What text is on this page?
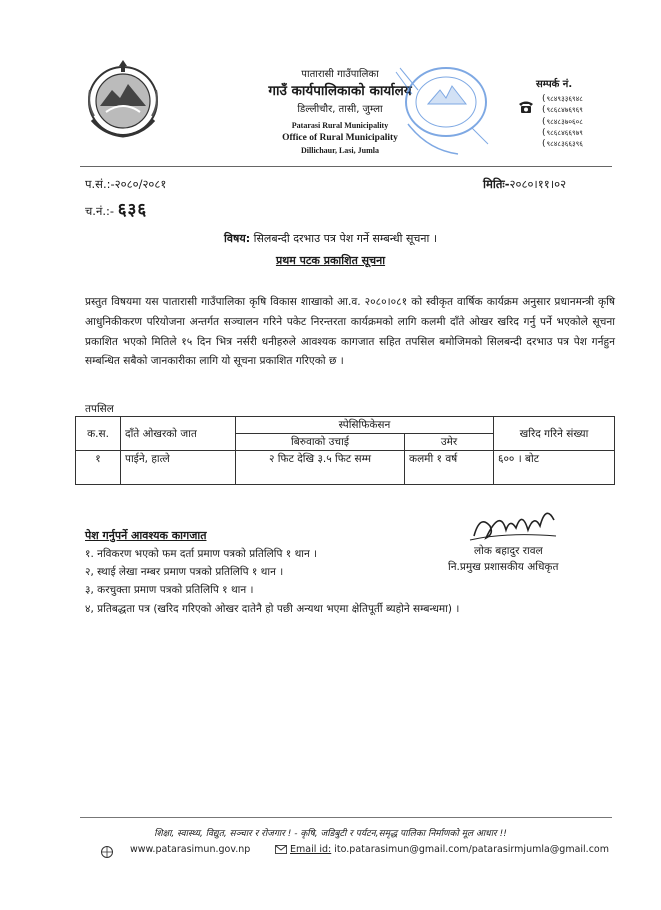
पातारासी गाउँपालिका
गाउँ कार्यपालिकाको कार्यालय
डिल्लीचौर, तासी, जुम्ला
Patarasi Rural Municipality
Office of Rural Municipality
Dillichaur, Lasi, Jumla
सम्पर्क नं.
( ९८४९३३६९४८
( ९८६८४७६९६९
( ९८४८३७०६०८
( ९८६८४६६९७९
( ९८४८३६६३९६
प.सं.:-२०८०/२०८१
च.नं.:- ६३६
मितिः-२०८०।११।०२
विषय: सिलबन्दी दरभाउ पत्र पेश गर्ने सम्बन्धी सूचना ।
प्रथम पटक प्रकाशित सूचना
प्रस्तुत विषयमा यस पातारासी गाउँपालिका कृषि विकास शाखाको आ.व. २०८०।०८१ को स्वीकृत वार्षिक कार्यक्रम अनुसार प्रधानमन्त्री कृषि आधुनिकीकरण परियोजना अन्तर्गत सञ्चालन गरिने पकेट निरन्तरता कार्यक्रमको लागि कलमी दाँते ओखर खरिद गर्नु पर्ने भएकोले सूचना प्रकाशित भएको मितिले १५ दिन भित्र नर्सरी धनीहरुले आवश्यक कागजात सहित तपसिल बमोजिमको सिलबन्दी दरभाउ पत्र पेश गर्नहुन सम्बन्धित सबैको जानकारीका लागि यो सूचना प्रकाशित गरिएको छ ।
तपसिल
क.स.	दाँते ओखरको जात	स्पेसिफिकेसन		खरिद गरिने संख्या
		बिरुवाको उचाई	उमेर	
१	पाईने, हात्ले	२ फिट देखि ३.५ फिट सम्म	कलमी १ वर्ष	६०० । बोट
लोक बहादुर रावल
नि.प्रमुख प्रशासकीय अधिकृत
पेश गर्नुपर्ने आवश्यक कागजात
१. नविकरण भएको फम दर्ता प्रमाण पत्रको प्रतिलिपि १ थान ।
२, स्थाई लेखा नम्बर प्रमाण पत्रको प्रतिलिपि १ थान ।
३, करचुक्ता प्रमाण पत्रको प्रतिलिपि १ थान ।
४, प्रतिबद्धता पत्र (खरिद गरिएको ओखर दातेनै हो पछी अन्यथा भएमा क्षेतिपूर्ती ब्यहोने सम्बन्धमा) ।
शिक्षा, स्वास्थ्य, विद्युत, सञ्चार र रोजगार ! - कृषि, जडिबुटी र पर्यटन,समृद्ध पालिका निर्माणको मूल आधार !!
www.patarasimun.gov.np	Email id: ito.patarasimun@gmail.com/patarasirmjumla@gmail.com
